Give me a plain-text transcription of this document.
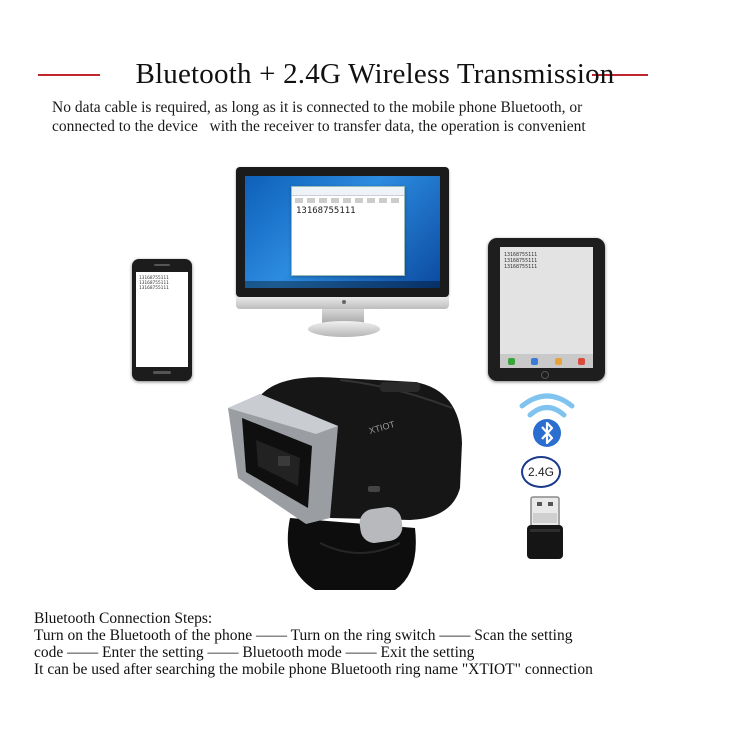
Bluetooth + 2.4G Wireless Transmission
No data cable is required, as long as it is connected to the mobile phone Bluetooth, or
connected to the device   with the receiver to transfer data, the operation is convenient
13168755111
13168755111
13168755111
13168755111
13168755111
13168755111
13168755111
2.4G
XTIOT
Bluetooth Connection Steps:
Turn on the Bluetooth of the phone —— Turn on the ring switch —— Scan the setting
code —— Enter the setting —— Bluetooth mode —— Exit the setting
It can be used after searching the mobile phone Bluetooth ring name "XTIOT" connection
